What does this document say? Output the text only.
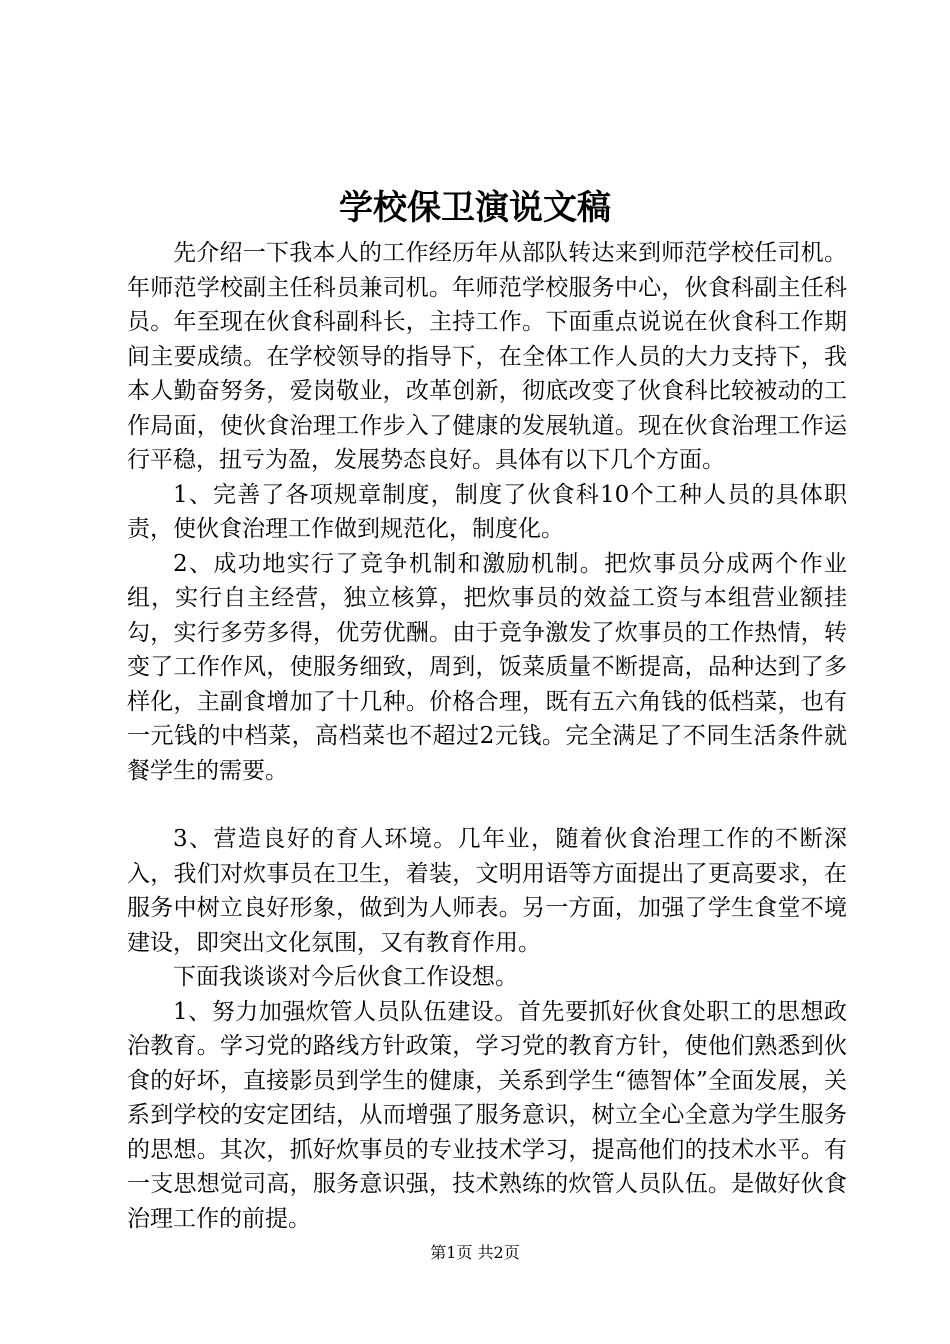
学校保卫演说文稿

先介绍一下我本人的工作经历年从部队转达来到师范学校任司机。年师范学校副主任科员兼司机。年师范学校服务中心，伙食科副主任科员。年至现在伙食科副科长，主持工作。下面重点说说在伙食科工作期间主要成绩。在学校领导的指导下，在全体工作人员的大力支持下，我本人勤奋努务，爱岗敬业，改革创新，彻底改变了伙食科比较被动的工作局面，使伙食治理工作步入了健康的发展轨道。现在伙食治理工作运行平稳，扭亏为盈，发展势态良好。具体有以下几个方面。

1、完善了各项规章制度，制度了伙食科10个工种人员的具体职责，使伙食治理工作做到规范化，制度化。

2、成功地实行了竞争机制和激励机制。把炊事员分成两个作业组，实行自主经营，独立核算，把炊事员的效益工资与本组营业额挂勾，实行多劳多得，优劳优酬。由于竞争激发了炊事员的工作热情，转变了工作作风，使服务细致，周到，饭菜质量不断提高，品种达到了多样化，主副食增加了十几种。价格合理，既有五六角钱的低档菜，也有一元钱的中档菜，高档菜也不超过2元钱。完全满足了不同生活条件就餐学生的需要。

3、营造良好的育人环境。几年业，随着伙食治理工作的不断深入，我们对炊事员在卫生，着装，文明用语等方面提出了更高要求，在服务中树立良好形象，做到为人师表。另一方面，加强了学生食堂不境建设，即突出文化氛围，又有教育作用。

下面我谈谈对今后伙食工作设想。

1、努力加强炊管人员队伍建设。首先要抓好伙食处职工的思想政治教育。学习党的路线方针政策，学习党的教育方针，使他们熟悉到伙食的好坏，直接影员到学生的健康，关系到学生“德智体”全面发展，关系到学校的安定团结，从而增强了服务意识，树立全心全意为学生服务的思想。其次，抓好炊事员的专业技术学习，提高他们的技术水平。有一支思想觉司高，服务意识强，技术熟练的炊管人员队伍。是做好伙食治理工作的前提。

第1页 共2页
